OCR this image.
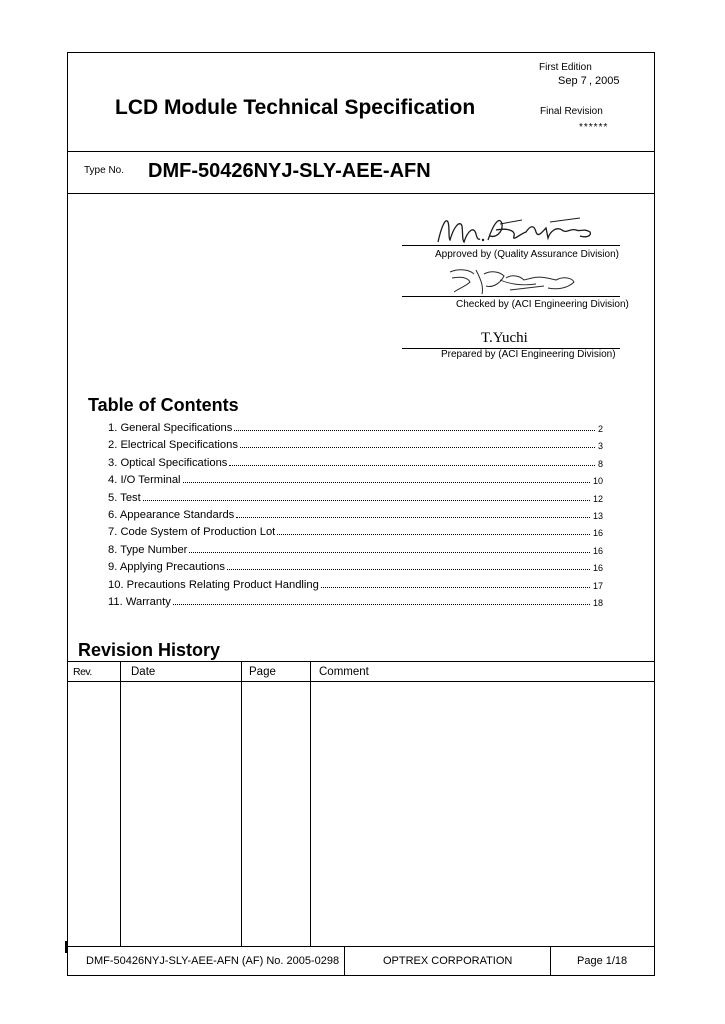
LCD Module Technical Specification
First Edition
Sep 7 , 2005
Final Revision
******
Type No. DMF-50426NYJ-SLY-AEE-AFN
Approved by (Quality Assurance Division)
Checked by (ACI Engineering Division)
T.Yuchi
Prepared by (ACI Engineering Division)
Table of Contents
1. General Specifications	2
2. Electrical Specifications	3
3. Optical Specifications	8
4. I/O Terminal	10
5. Test	12
6. Appearance Standards	13
7. Code System of Production Lot	16
8. Type Number	16
9. Applying Precautions	16
10. Precautions Relating Product Handling	17
11. Warranty	18
Revision History
Rev.	Date	Page	Comment
DMF-50426NYJ-SLY-AEE-AFN (AF) No. 2005-0298	OPTREX CORPORATION	Page 1/18
